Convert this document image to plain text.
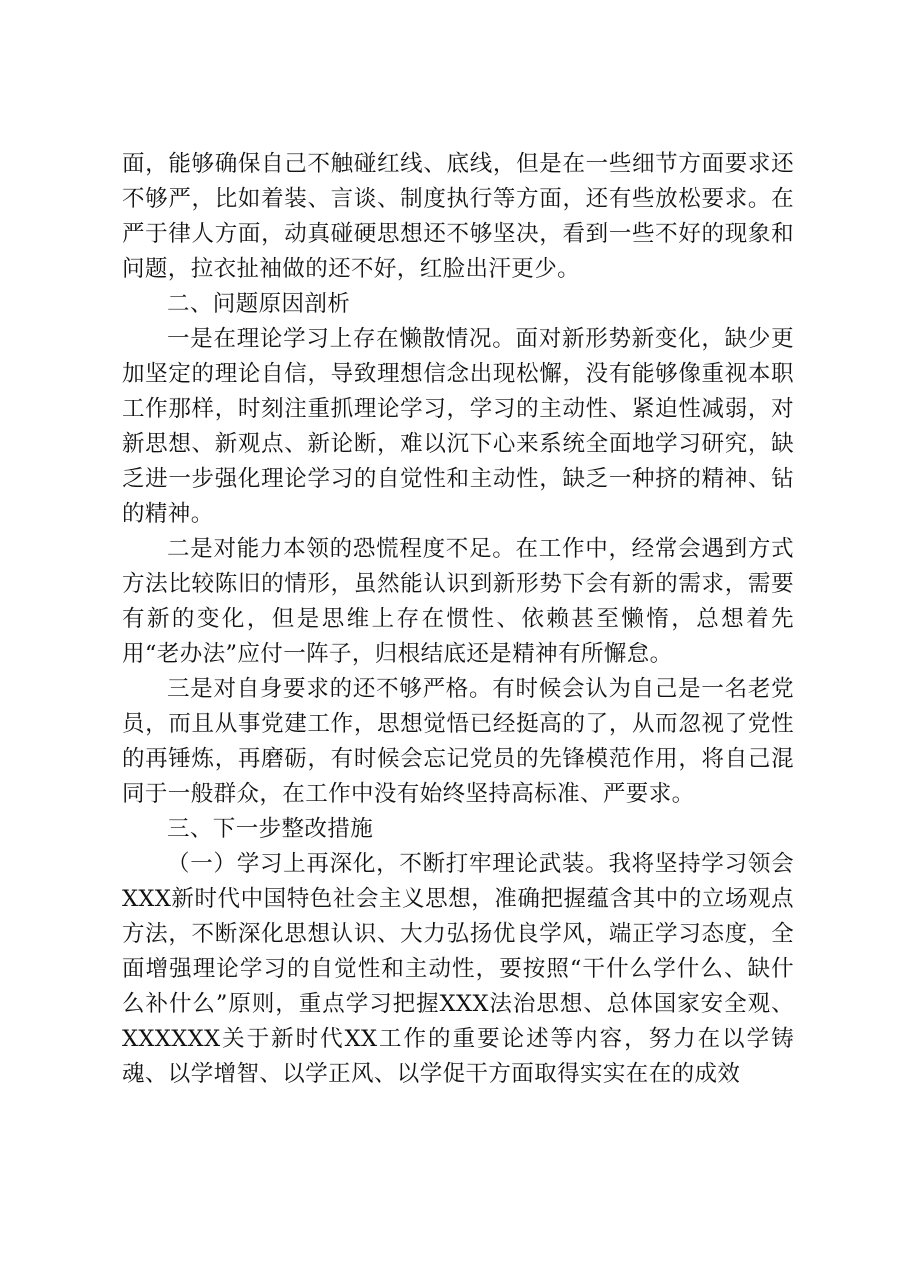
面，能够确保自己不触碰红线、底线，但是在一些细节方面要求还不够严，比如着装、言谈、制度执行等方面，还有些放松要求。在严于律人方面，动真碰硬思想还不够坚决，看到一些不好的现象和问题，拉衣扯袖做的还不好，红脸出汗更少。

二、问题原因剖析

一是在理论学习上存在懒散情况。面对新形势新变化，缺少更加坚定的理论自信，导致理想信念出现松懈，没有能够像重视本职工作那样，时刻注重抓理论学习，学习的主动性、紧迫性减弱，对新思想、新观点、新论断，难以沉下心来系统全面地学习研究，缺乏进一步强化理论学习的自觉性和主动性，缺乏一种挤的精神、钻的精神。

二是对能力本领的恐慌程度不足。在工作中，经常会遇到方式方法比较陈旧的情形，虽然能认识到新形势下会有新的需求，需要有新的变化，但是思维上存在惯性、依赖甚至懒惰，总想着先用“老办法”应付一阵子，归根结底还是精神有所懈怠。

三是对自身要求的还不够严格。有时候会认为自己是一名老党员，而且从事党建工作，思想觉悟已经挺高的了，从而忽视了党性的再锤炼，再磨砺，有时候会忘记党员的先锋模范作用，将自己混同于一般群众，在工作中没有始终坚持高标准、严要求。

三、下一步整改措施

（一）学习上再深化，不断打牢理论武装。我将坚持学习领会XXX新时代中国特色社会主义思想，准确把握蕴含其中的立场观点方法，不断深化思想认识、大力弘扬优良学风，端正学习态度，全面增强理论学习的自觉性和主动性，要按照“干什么学什么、缺什么补什么”原则，重点学习把握XXX法治思想、总体国家安全观、XXXXXX关于新时代XX工作的重要论述等内容，努力在以学铸魂、以学增智、以学正风、以学促干方面取得实实在在的成效
